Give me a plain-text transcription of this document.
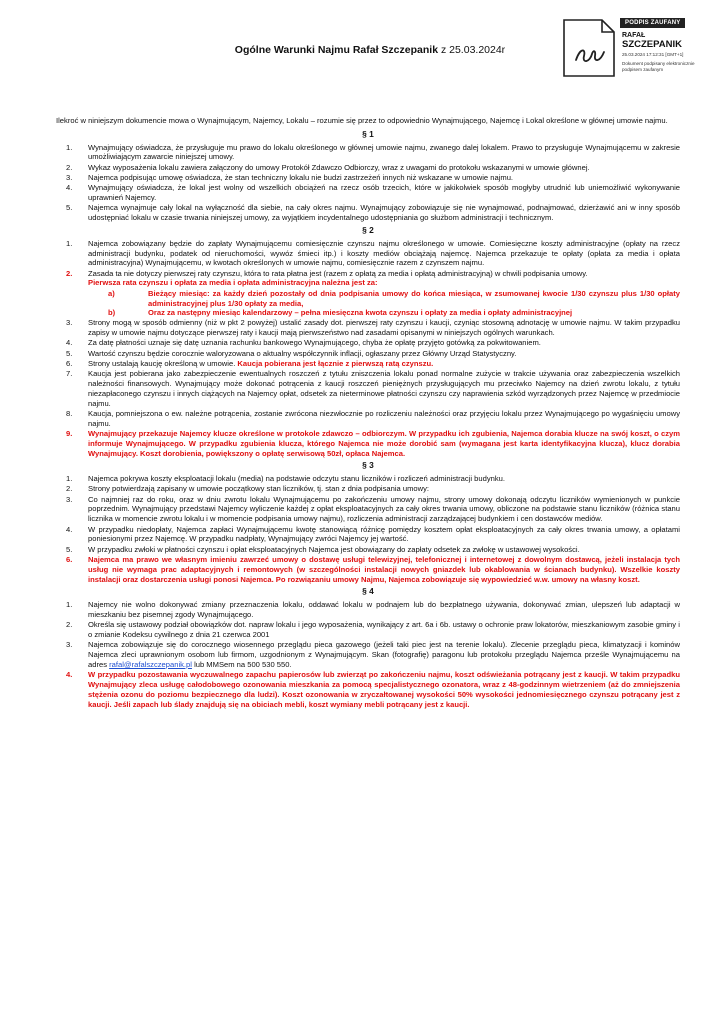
Ogólne Warunki Najmu Rafał Szczepanik z 25.03.2024r
PODPIS ZAUFANY
RAFAŁ
SZCZEPANIK
25.03.2024 17:12:31 [GMT+1]
Dokument podpisany elektronicznie podpisem zaufanym

Ilekroć w niniejszym dokumencie mowa o Wynajmującym, Najemcy, Lokalu – rozumie się przez to odpowiednio Wynajmującego, Najemcę i Lokal określone w głównej umowie najmu.

§ 1
1. Wynajmujący oświadcza, że przysługuje mu prawo do lokalu określonego w głównej umowie najmu, zwanego dalej lokalem. Prawo to przysługuje Wynajmującemu w zakresie umożliwiającym zawarcie niniejszej umowy.
2. Wykaz wyposażenia lokalu zawiera załączony do umowy Protokół Zdawczo Odbiorczy, wraz z uwagami do protokołu wskazanymi w umowie głównej.
3. Najemca podpisując umowę oświadcza, że stan techniczny lokalu nie budzi zastrzeżeń innych niż wskazane w umowie najmu.
4. Wynajmujący oświadcza, że lokal jest wolny od wszelkich obciążeń na rzecz osób trzecich, które w jakikolwiek sposób mogłyby utrudnić lub uniemożliwić wykonywanie uprawnień Najemcy.
5. Najemca wynajmuje cały lokal na wyłączność dla siebie, na cały okres najmu. Wynajmujący zobowiązuje się nie wynajmować, podnajmować, dzierżawić ani w inny sposób udostępniać lokalu w czasie trwania niniejszej umowy, za wyjątkiem incydentalnego udostępniania go służbom administracji i technicznym.
§ 2
1. Najemca zobowiązany będzie do zapłaty Wynajmującemu comiesięcznie czynszu najmu określonego w umowie. Comiesięczne koszty administracyjne (opłaty na rzecz administracji budynku, podatek od nieruchomości, wywóz śmieci itp.) i koszty mediów obciążają najemcę. Najemca przekazuje te opłaty (opłata za media i opłata administracyjna) Wynajmującemu, w kwotach określonych w umowie najmu, comiesięcznie razem z czynszem najmu.
2. Zasada ta nie dotyczy pierwszej raty czynszu, która to rata płatna jest (razem z opłatą za media i opłatą administracyjną) w chwili podpisania umowy.
Pierwsza rata czynszu i opłata za media i opłata administracyjna należna jest za:
a)	Bieżący miesiąc: za każdy dzień pozostały od dnia podpisania umowy do końca miesiąca, w zsumowanej kwocie 1/30 czynszu plus 1/30 opłaty administracyjnej plus 1/30 opłaty za media,
b)	Oraz za następny miesiąc kalendarzowy – pełna miesięczna kwota czynszu i opłaty za media i opłaty administracyjnej
3. Strony mogą w sposób odmienny (niż w pkt 2 powyżej) ustalić zasady dot. pierwszej raty czynszu i kaucji, czyniąc stosowną adnotację w umowie najmu. W takim przypadku zapisy w umowie najmu dotyczące pierwszej raty i kaucji mają pierwszeństwo nad zasadami opisanymi w niniejszych ogólnych warunkach.
4. Za datę płatności uznaje się datę uznania rachunku bankowego Wynajmującego, chyba że opłatę przyjęto gotówką za pokwitowaniem.
5. Wartość czynszu będzie corocznie waloryzowana o aktualny współczynnik inflacji, ogłaszany przez Główny Urząd Statystyczny.
6. Strony ustalają kaucję określoną w umowie. Kaucja pobierana jest łącznie z pierwszą ratą czynszu.
7. Kaucja jest pobierana jako zabezpieczenie ewentualnych roszczeń z tytułu zniszczenia lokalu ponad normalne zużycie w trakcie używania oraz zabezpieczenia wszelkich należności finansowych. Wynajmujący może dokonać potrącenia z kaucji roszczeń pieniężnych przysługujących mu przeciwko Najemcy na dzień zwrotu lokalu, z tytułu niezapłaconego czynszu i innych ciążących na Najemcy opłat, odsetek za nieterminowe płatności czynszu czy naprawienia szkód wyrządzonych przez Najemcę w przedmiocie najmu.
8. Kaucja, pomniejszona o ew. należne potrącenia, zostanie zwrócona niezwłocznie po rozliczeniu należności oraz przyjęciu lokalu przez Wynajmującego po wygaśnięciu umowy najmu.
9. Wynajmujący przekazuje Najemcy klucze określone w protokole zdawczo – odbiorczym. W przypadku ich zgubienia, Najemca dorabia klucze na swój koszt, o czym informuje Wynajmującego. W przypadku zgubienia klucza, którego Najemca nie może dorobić sam (wymagana jest karta identyfikacyjna klucza), klucz dorabia Wynajmujący. Koszt dorobienia, powiększony o opłatę serwisową 50zł, opłaca Najemca.
§ 3
1. Najemca pokrywa koszty eksploatacji lokalu (media) na podstawie odczytu stanu liczników i rozliczeń administracji budynku.
2. Strony potwierdzają zapisany w umowie początkowy stan liczników, tj. stan z dnia podpisania umowy:
3. Co najmniej raz do roku, oraz w dniu zwrotu lokalu Wynajmującemu po zakończeniu umowy najmu, strony umowy dokonają odczytu liczników wymienionych w punkcie poprzednim. Wynajmujący przedstawi Najemcy wyliczenie każdej z opłat eksploatacyjnych za cały okres trwania umowy, obliczone na podstawie stanu liczników (różnica stanu licznika w momencie zwrotu lokalu i w momencie podpisania umowy najmu), rozliczenia administracji zarządzającej budynkiem i cen dostawców mediów.
4. W przypadku niedopłaty, Najemca zapłaci Wynajmującemu kwotę stanowiącą różnicę pomiędzy kosztem opłat eksploatacyjnych za cały okres trwania umowy, a opłatami poniesionymi przez Najemcę. W przypadku nadpłaty, Wynajmujący zwróci Najemcy jej wartość.
5. W przypadku zwłoki w płatności czynszu i opłat eksploatacyjnych Najemca jest obowiązany do zapłaty odsetek za zwłokę w ustawowej wysokości.
6. Najemca ma prawo we własnym imieniu zawrzeć umowy o dostawę usługi telewizyjnej, telefonicznej i internetowej z dowolnym dostawcą, jeżeli instalacja tych usług nie wymaga prac adaptacyjnych i remontowych (w szczególności instalacji nowych gniazdek lub okablowania w ścianach budynku). Wszelkie koszty instalacji oraz dostarczenia usługi ponosi Najemca. Po rozwiązaniu umowy Najmu, Najemca zobowiązuje się wypowiedzieć w.w. umowy na własny koszt.
§ 4
1. Najemcy nie wolno dokonywać zmiany przeznaczenia lokalu, oddawać lokalu w podnajem lub do bezpłatnego używania, dokonywać zmian, ulepszeń lub adaptacji w mieszkaniu bez pisemnej zgody Wynajmującego.
2. Określa się ustawowy podział obowiązków dot. napraw lokalu i jego wyposażenia, wynikający z art. 6a i 6b. ustawy o ochronie praw lokatorów, mieszkaniowym zasobie gminy i o zmianie Kodeksu cywilnego z dnia 21 czerwca 2001
3. Najemca zobowiązuje się do corocznego wiosennego przeglądu pieca gazowego (jeżeli taki piec jest na terenie lokalu). Zlecenie przeglądu pieca, klimatyzacji i kominów Najemca zleci uprawnionym osobom lub firmom, uzgodnionym z Wynajmującym. Skan (fotografię) paragonu lub protokołu przeglądu Najemca prześle Wynajmującemu na adres rafal@rafalszczepanik.pl lub MMSem na 500 530 550.
4. W przypadku pozostawania wyczuwalnego zapachu papierosów lub zwierząt po zakończeniu najmu, koszt odświeżania potrącany jest z kaucji. W takim przypadku Wynajmujący zleca usługę całodobowego ozonowania mieszkania za pomocą specjalistycznego ozonatora, wraz z 48-godzinnym wietrzeniem (aż do zmniejszenia stężenia ozonu do poziomu bezpiecznego dla ludzi). Koszt ozonowania w zryczałtowanej wysokości 50% wysokości jednomiesięcznego czynszu potrącany jest z kaucji. Jeśli zapach lub ślady znajdują się na obiciach mebli, koszt wymiany mebli potrącany jest z kaucji.
